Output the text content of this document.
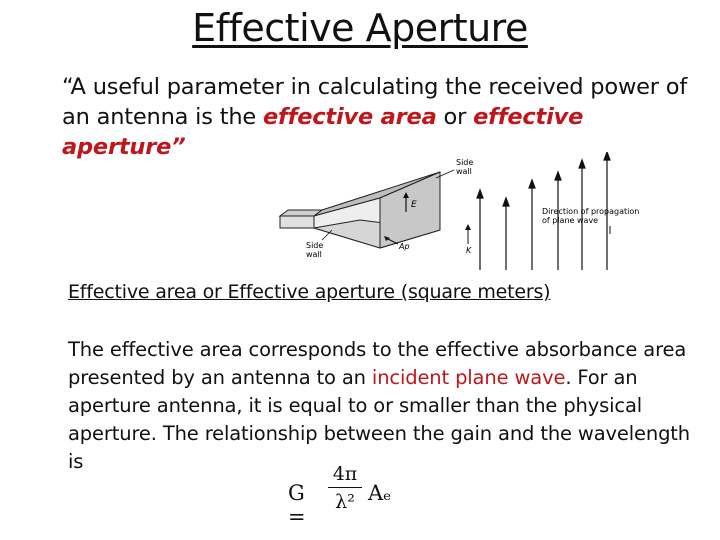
Effective Aperture
“A useful parameter in calculating the received power of an antenna is the effective area or effective aperture”
E
Ap
Side wall
Side wall	K
Direction of propagation of plane wave
Effective area or Effective aperture (square meters)
The effective area corresponds to the effective absorbance area presented by an antenna to an incident plane wave. For an aperture antenna, it is equal to or smaller than the physical aperture. The relationship between the gain and the wavelength is
G =
4π
λ² Aₑ
